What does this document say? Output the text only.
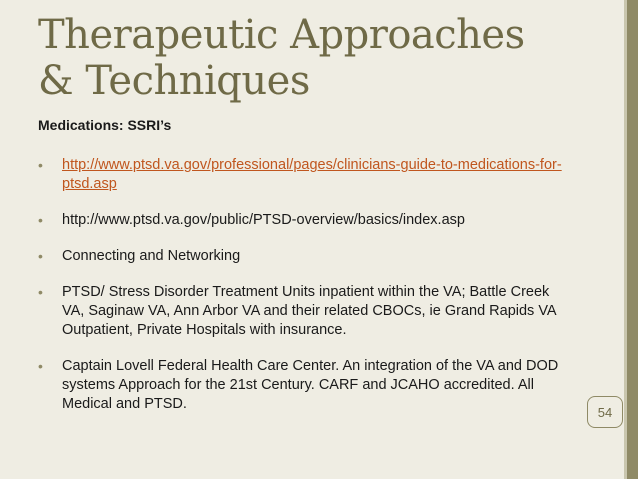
Therapeutic Approaches & Techniques
Medications: SSRI’s
• http://www.ptsd.va.gov/professional/pages/clinicians-guide-to-medications-for-ptsd.asp
• http://www.ptsd.va.gov/public/PTSD-overview/basics/index.asp
• Connecting and Networking
• PTSD/ Stress Disorder Treatment Units inpatient within the VA; Battle Creek VA, Saginaw VA, Ann Arbor VA and their related CBOCs, ie Grand Rapids VA Outpatient, Private Hospitals with insurance.
• Captain Lovell Federal Health Care Center. An integration of the VA and DOD systems Approach for the 21st Century. CARF and JCAHO accredited. All Medical and PTSD.	54
